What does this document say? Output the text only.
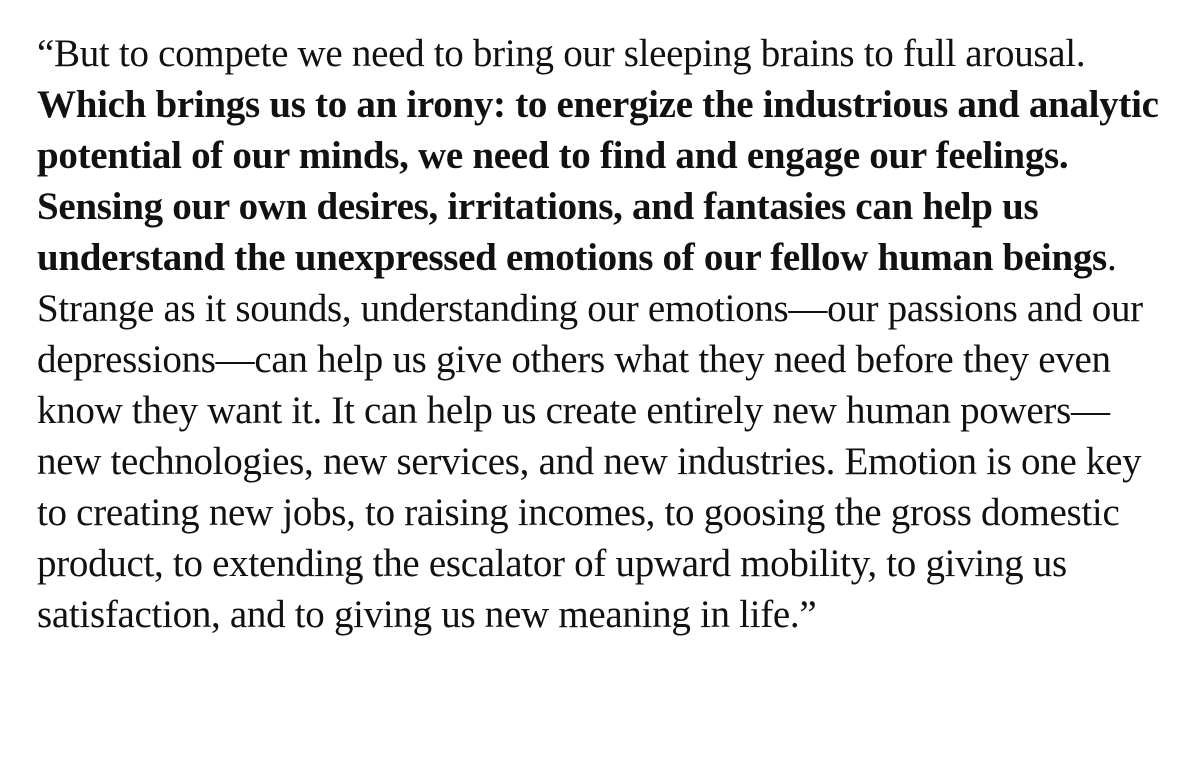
“But to compete we need to bring our sleeping brains to full arousal. Which brings us to an irony: to energize the industrious and analytic potential of our minds, we need to find and engage our feelings. Sensing our own desires, irritations, and fantasies can help us understand the unexpressed emotions of our fellow human beings. Strange as it sounds, understanding our emotions—our passions and our depressions—can help us give others what they need before they even know they want it. It can help us create entirely new human powers—new technologies, new services, and new industries. Emotion is one key to creating new jobs, to raising incomes, to goosing the gross domestic product, to extending the escalator of upward mobility, to giving us satisfaction, and to giving us new meaning in life.”
